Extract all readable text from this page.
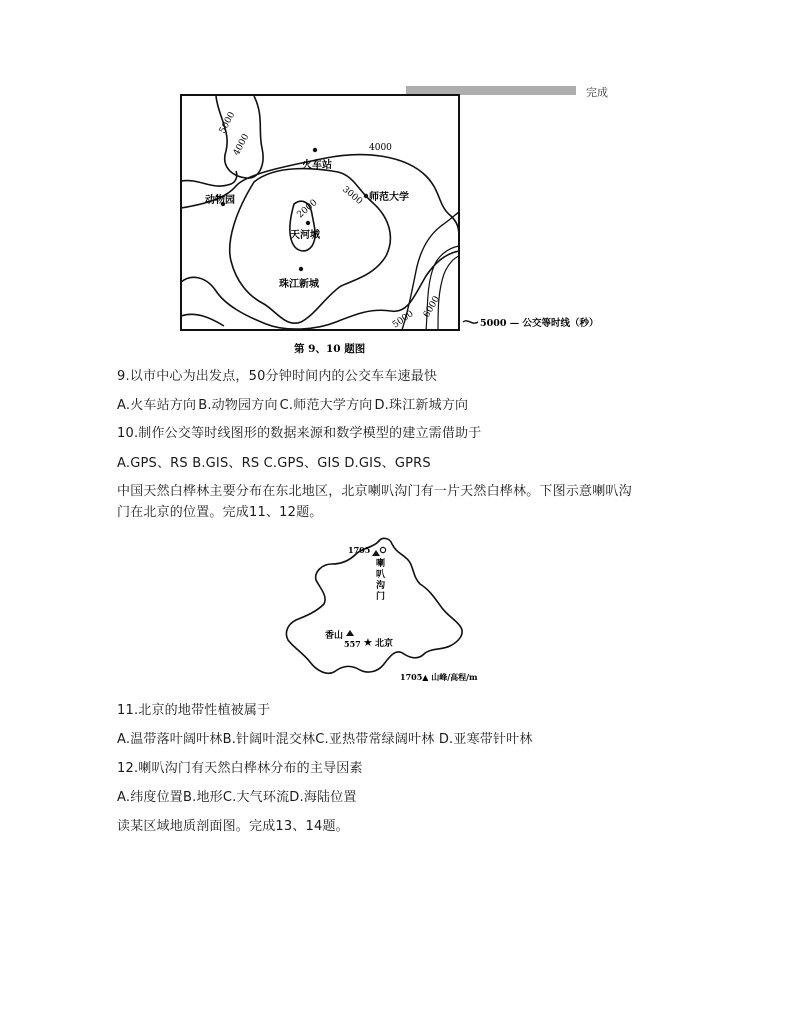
完成
火车站
师范大学
动物园
天河城
珠江新城
5000
4000	4000
3000
2000
5000
6000
5000 — 公交等时线（秒）
第 9、10 题图
9.以市中心为出发点，50分钟时间内的公交车车速最快
A.火车站方向 B.动物园方向 C.师范大学方向 D.珠江新城方向
10.制作公交等时线图形的数据来源和数学模型的建立需借助于
A.GPS、RS B.GIS、RS C.GPS、GIS D.GIS、GPRS
中国天然白桦林主要分布在东北地区，北京喇叭沟门有一片天然白桦林。下图示意喇叭沟
门在北京的位置。完成11、12题。
1705
喇
叭
沟
门
香山
557 ★ 北京
1705▲ 山峰/高程/m
11.北京的地带性植被属于
A.温带落叶阔叶林B.针阔叶混交林C.亚热带常绿阔叶林 D.亚寒带针叶林
12.喇叭沟门有天然白桦林分布的主导因素
A.纬度位置B.地形C.大气环流D.海陆位置
读某区域地质剖面图。完成13、14题。
